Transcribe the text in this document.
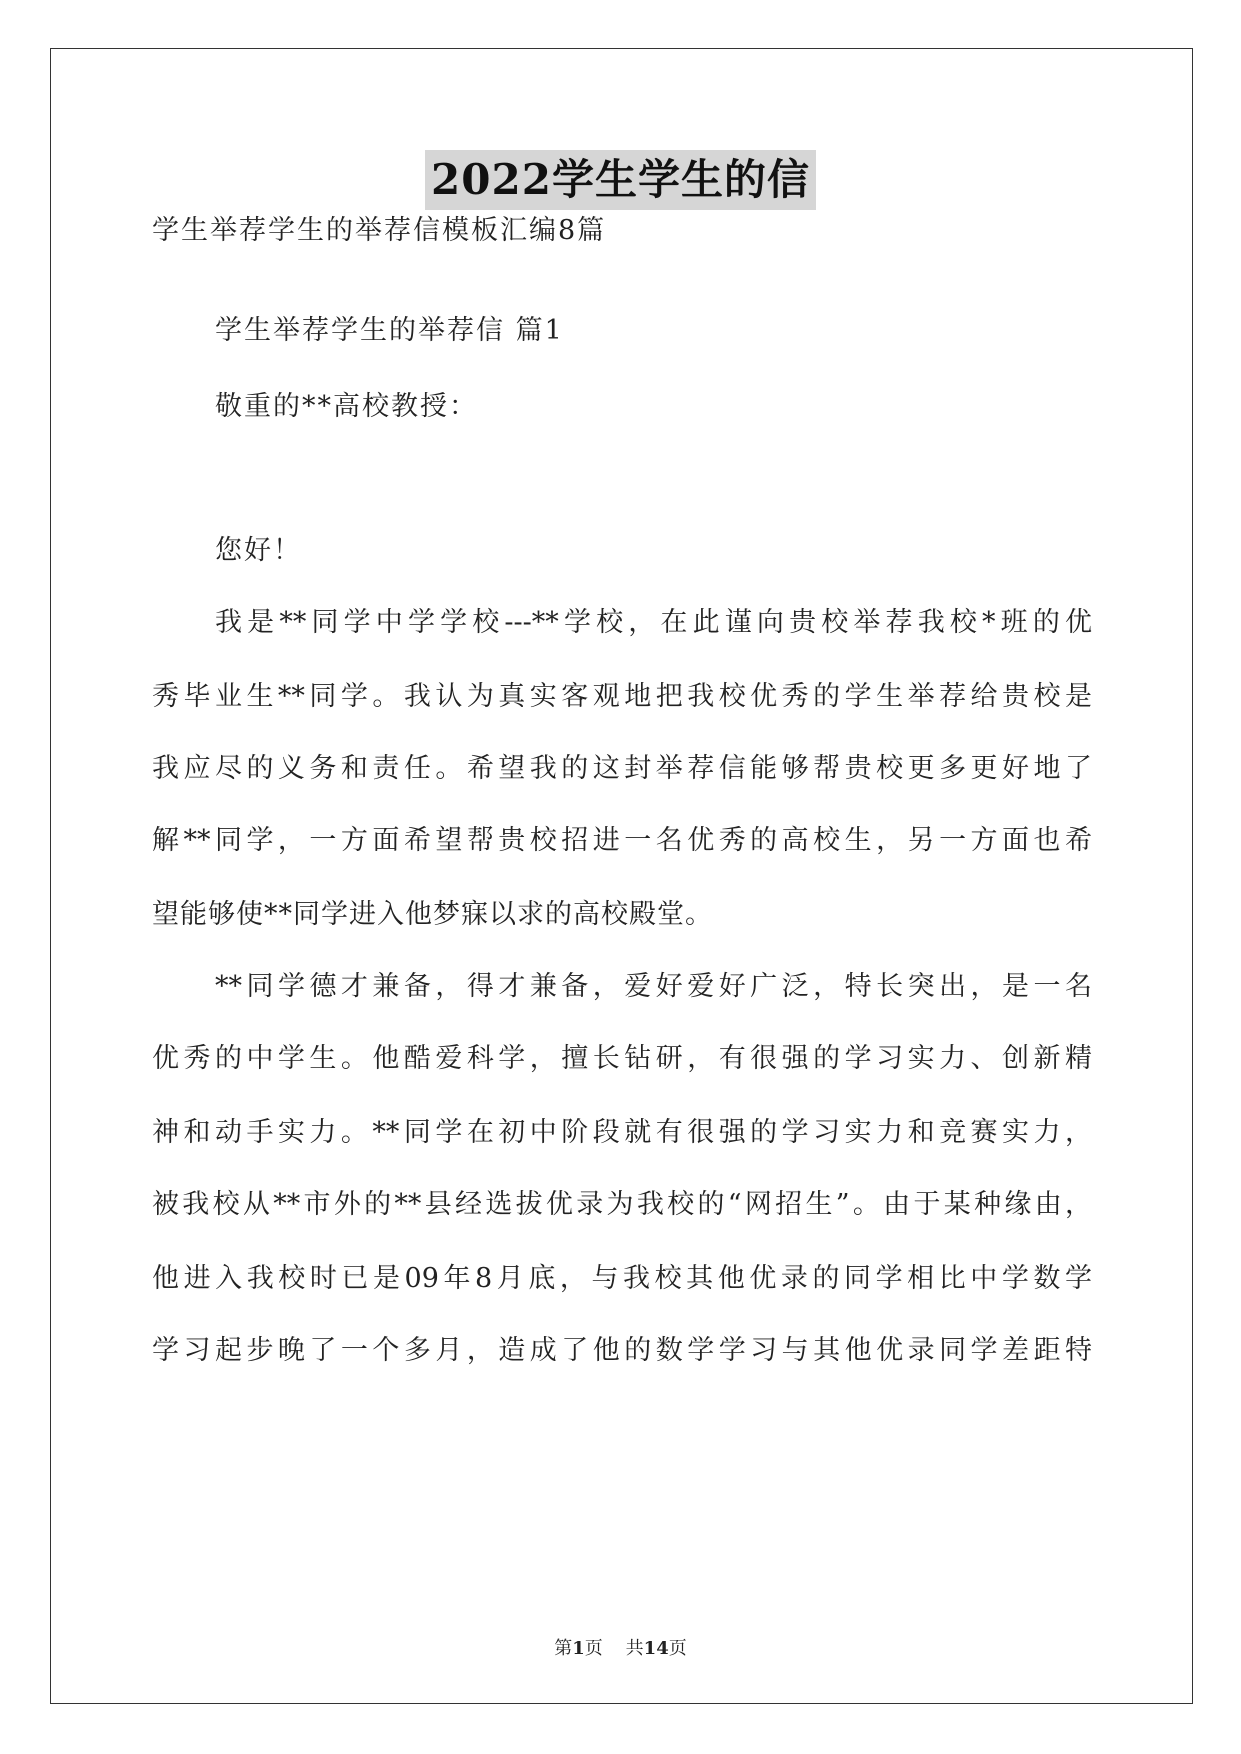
2022学生学生的信
学生举荐学生的举荐信模板汇编8篇
学生举荐学生的举荐信 篇1
敬重的**高校教授：
您好！
我是**同学中学学校---**学校，在此谨向贵校举荐我校*班的优
秀毕业生**同学。我认为真实客观地把我校优秀的学生举荐给贵校是
我应尽的义务和责任。希望我的这封举荐信能够帮贵校更多更好地了
解**同学，一方面希望帮贵校招进一名优秀的高校生，另一方面也希
望能够使**同学进入他梦寐以求的高校殿堂。
**同学德才兼备，得才兼备，爱好爱好广泛，特长突出，是一名
优秀的中学生。他酷爱科学，擅长钻研，有很强的学习实力、创新精
神和动手实力。**同学在初中阶段就有很强的学习实力和竞赛实力，
被我校从**市外的**县经选拔优录为我校的“网招生”。由于某种缘由，
他进入我校时已是09年8月底，与我校其他优录的同学相比中学数学
学习起步晚了一个多月，造成了他的数学学习与其他优录同学差距特
第1页    共14页
